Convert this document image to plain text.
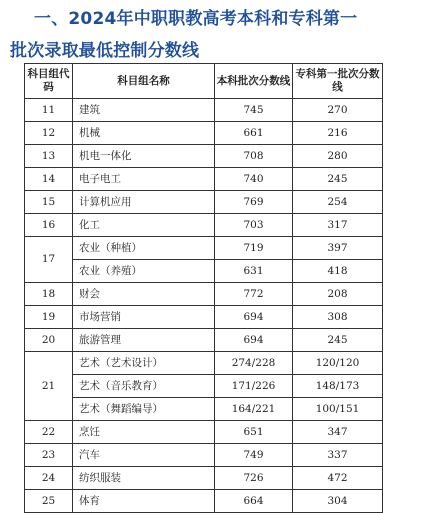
一、2024年中职职教高考本科和专科第一
批次录取最低控制分数线
科目组代码	科目组名称	本科批次分数线	专科第一批次分数线
11	建筑	745	270
12	机械	661	216
13	机电一体化	708	280
14	电子电工	740	245
15	计算机应用	769	254
16	化工	703	317
17	农业（种植）	719	397
	农业（养殖）	631	418
18	财会	772	208
19	市场营销	694	308
20	旅游管理	694	245
21	艺术（艺术设计）	274/228	120/120
	艺术（音乐教育）	171/226	148/173
	艺术（舞蹈编导）	164/221	100/151
22	烹饪	651	347
23	汽车	749	337
24	纺织服装	726	472
25	体育	664	304
